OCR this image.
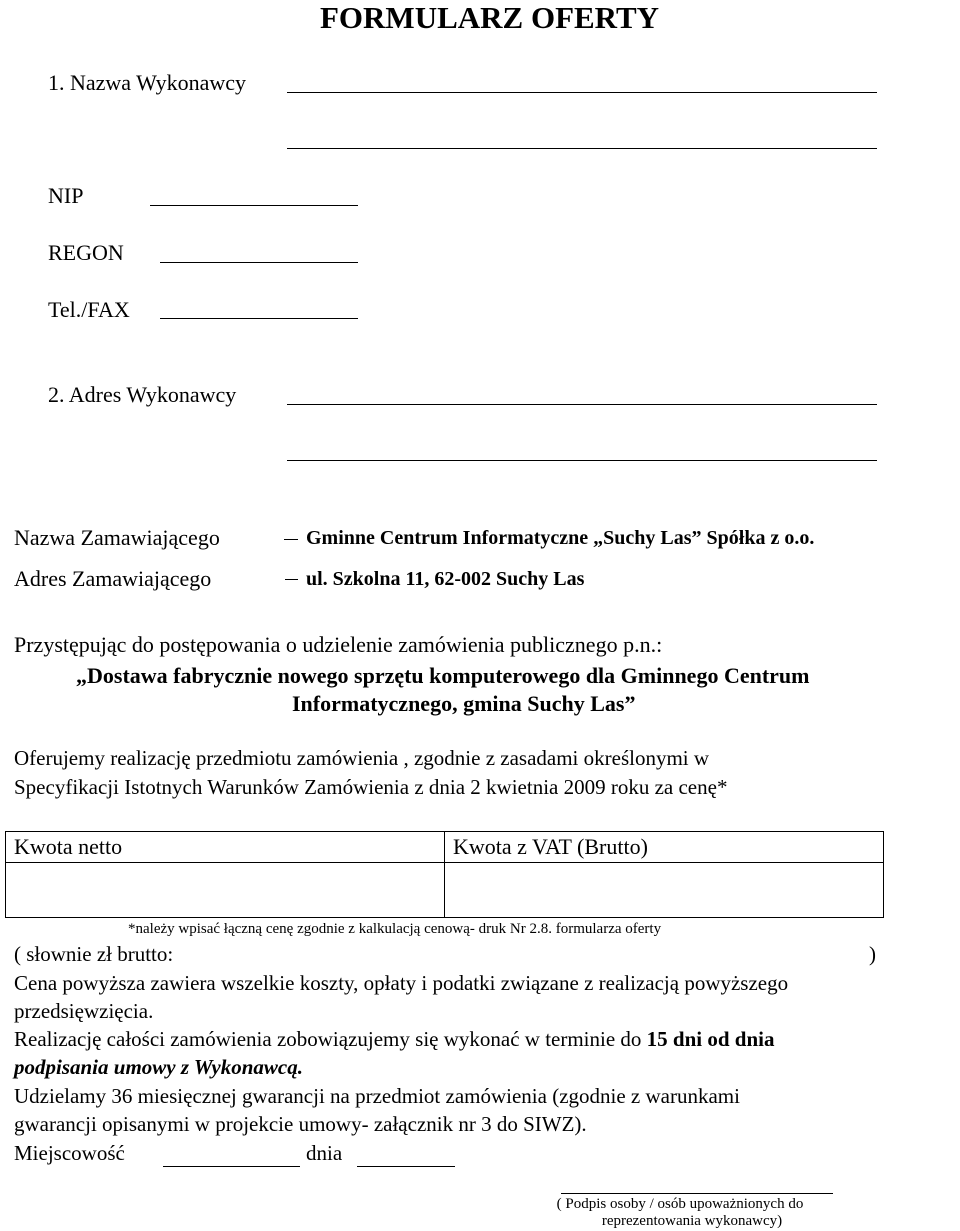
FORMULARZ OFERTY
1. Nazwa Wykonawcy
NIP
REGON
Tel./FAX
2. Adres Wykonawcy
Nazwa Zamawiającego	Gminne Centrum Informatyczne „Suchy Las” Spółka z o.o.
Adres Zamawiającego	ul. Szkolna 11, 62-002 Suchy Las
Przystępując do postępowania o udzielenie zamówienia publicznego p.n.:
„Dostawa fabrycznie nowego sprzętu komputerowego dla Gminnego Centrum
Informatycznego, gmina Suchy Las”
Oferujemy realizację przedmiotu zamówienia , zgodnie z zasadami określonymi w
Specyfikacji Istotnych Warunków Zamówienia z dnia 2 kwietnia 2009 roku za cenę*
Kwota netto	Kwota z VAT (Brutto)

*należy wpisać łączną cenę zgodnie z kalkulacją cenową- druk Nr 2.8. formularza oferty
( słownie zł brutto:	)
Cena powyższa zawiera wszelkie koszty, opłaty i podatki związane z realizacją powyższego
przedsięwzięcia.
Realizację całości zamówienia zobowiązujemy się wykonać w terminie do 15 dni od dnia
podpisania umowy z Wykonawcą.
Udzielamy 36 miesięcznej gwarancji na przedmiot zamówienia (zgodnie z warunkami
gwarancji opisanymi w projekcie umowy- załącznik nr 3 do SIWZ).
Miejscowość	dnia
( Podpis osoby / osób upoważnionych do
reprezentowania wykonawcy)
